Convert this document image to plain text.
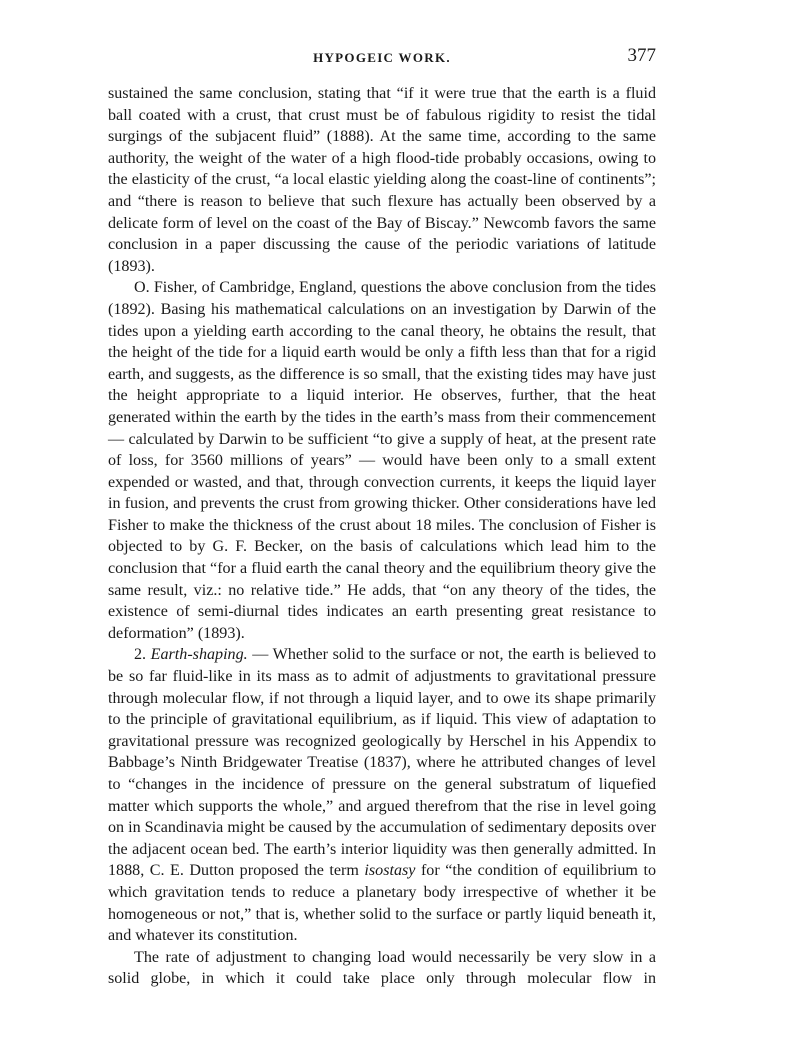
HYPOGEIC WORK.	377

sustained the same conclusion, stating that “if it were true that the earth is a fluid ball coated with a crust, that crust must be of fabulous rigidity to resist the tidal surgings of the subjacent fluid” (1888). At the same time, according to the same authority, the weight of the water of a high flood-tide probably occasions, owing to the elasticity of the crust, “a local elastic yielding along the coast-line of continents”; and “there is reason to believe that such flexure has actually been observed by a delicate form of level on the coast of the Bay of Biscay.” Newcomb favors the same conclusion in a paper discussing the cause of the periodic variations of latitude (1893).

O. Fisher, of Cambridge, England, questions the above conclusion from the tides (1892). Basing his mathematical calculations on an investigation by Darwin of the tides upon a yielding earth according to the canal theory, he obtains the result, that the height of the tide for a liquid earth would be only a fifth less than that for a rigid earth, and suggests, as the difference is so small, that the existing tides may have just the height appropriate to a liquid interior. He observes, further, that the heat generated within the earth by the tides in the earth’s mass from their commencement — calculated by Darwin to be sufficient “to give a supply of heat, at the present rate of loss, for 3560 millions of years” — would have been only to a small extent expended or wasted, and that, through convection currents, it keeps the liquid layer in fusion, and prevents the crust from growing thicker. Other considerations have led Fisher to make the thickness of the crust about 18 miles. The conclusion of Fisher is objected to by G. F. Becker, on the basis of calculations which lead him to the conclusion that “for a fluid earth the canal theory and the equilibrium theory give the same result, viz.: no relative tide.” He adds, that “on any theory of the tides, the existence of semi-diurnal tides indicates an earth presenting great resistance to deformation” (1893).

2. Earth-shaping. — Whether solid to the surface or not, the earth is believed to be so far fluid-like in its mass as to admit of adjustments to gravitational pressure through molecular flow, if not through a liquid layer, and to owe its shape primarily to the principle of gravitational equilibrium, as if liquid. This view of adaptation to gravitational pressure was recognized geologically by Herschel in his Appendix to Babbage’s Ninth Bridgewater Treatise (1837), where he attributed changes of level to “changes in the incidence of pressure on the general substratum of liquefied matter which supports the whole,” and argued therefrom that the rise in level going on in Scandinavia might be caused by the accumulation of sedimentary deposits over the adjacent ocean bed. The earth’s interior liquidity was then generally admitted. In 1888, C. E. Dutton proposed the term isostasy for “the condition of equilibrium to which gravitation tends to reduce a planetary body irrespective of whether it be homogeneous or not,” that is, whether solid to the surface or partly liquid beneath it, and whatever its constitution.

The rate of adjustment to changing load would necessarily be very slow in a solid globe, in which it could take place only through molecular flow in
